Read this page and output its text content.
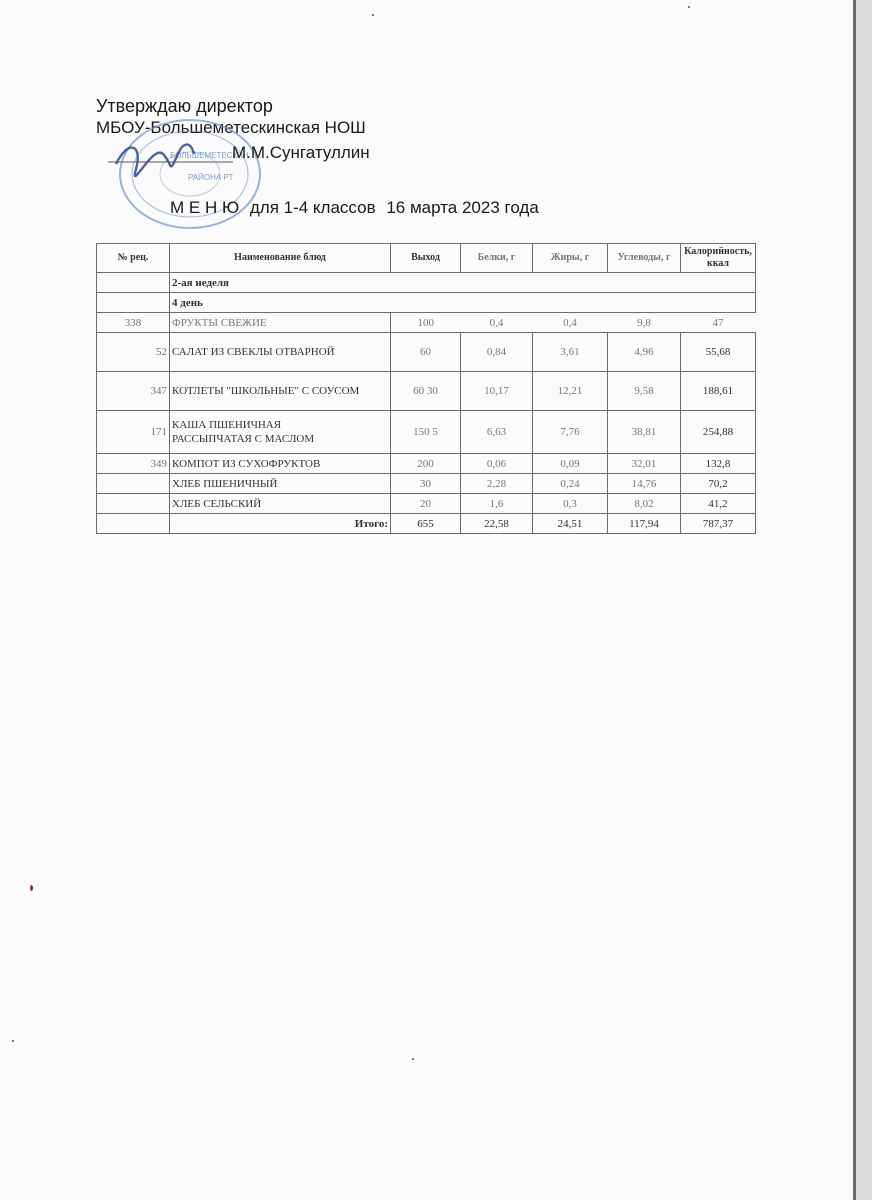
Утверждаю директор
МБОУ-Большеметескинская НОШ
БОЛЬШЕМЕТЕСКИН
РАЙОНА РТ
М.М.Сунгатуллин
М Е Н Ю для 1-4 классов 16 марта 2023 года
№ рец.	Наименование блюд	Выход	Белки, г	Жиры, г	Углеводы, г	Калорийность, ккал
	2-ая неделя					
	4 день					
338	ФРУКТЫ СВЕЖИЕ	100	0,4	0,4	9,8	47
52	САЛАТ ИЗ СВЕКЛЫ ОТВАРНОЙ	60	0,84	3,61	4,96	55,68
347	КОТЛЕТЫ "ШКОЛЬНЫЕ" С СОУСОМ	60 30	10,17	12,21	9,58	188,61
171	КАША ПШЕНИЧНАЯ
РАССЫПЧАТАЯ С МАСЛОМ	150 5	6,63	7,76	38,81	254,88
349	КОМПОТ ИЗ СУХОФРУКТОВ	200	0,06	0,09	32,01	132,8
	ХЛЕБ ПШЕНИЧНЫЙ	30	2,28	0,24	14,76	70,2
	ХЛЕБ СЕЛЬСКИЙ	20	1,6	0,3	8,02	41,2
	Итого:	655	22,58	24,51	117,94	787,37
